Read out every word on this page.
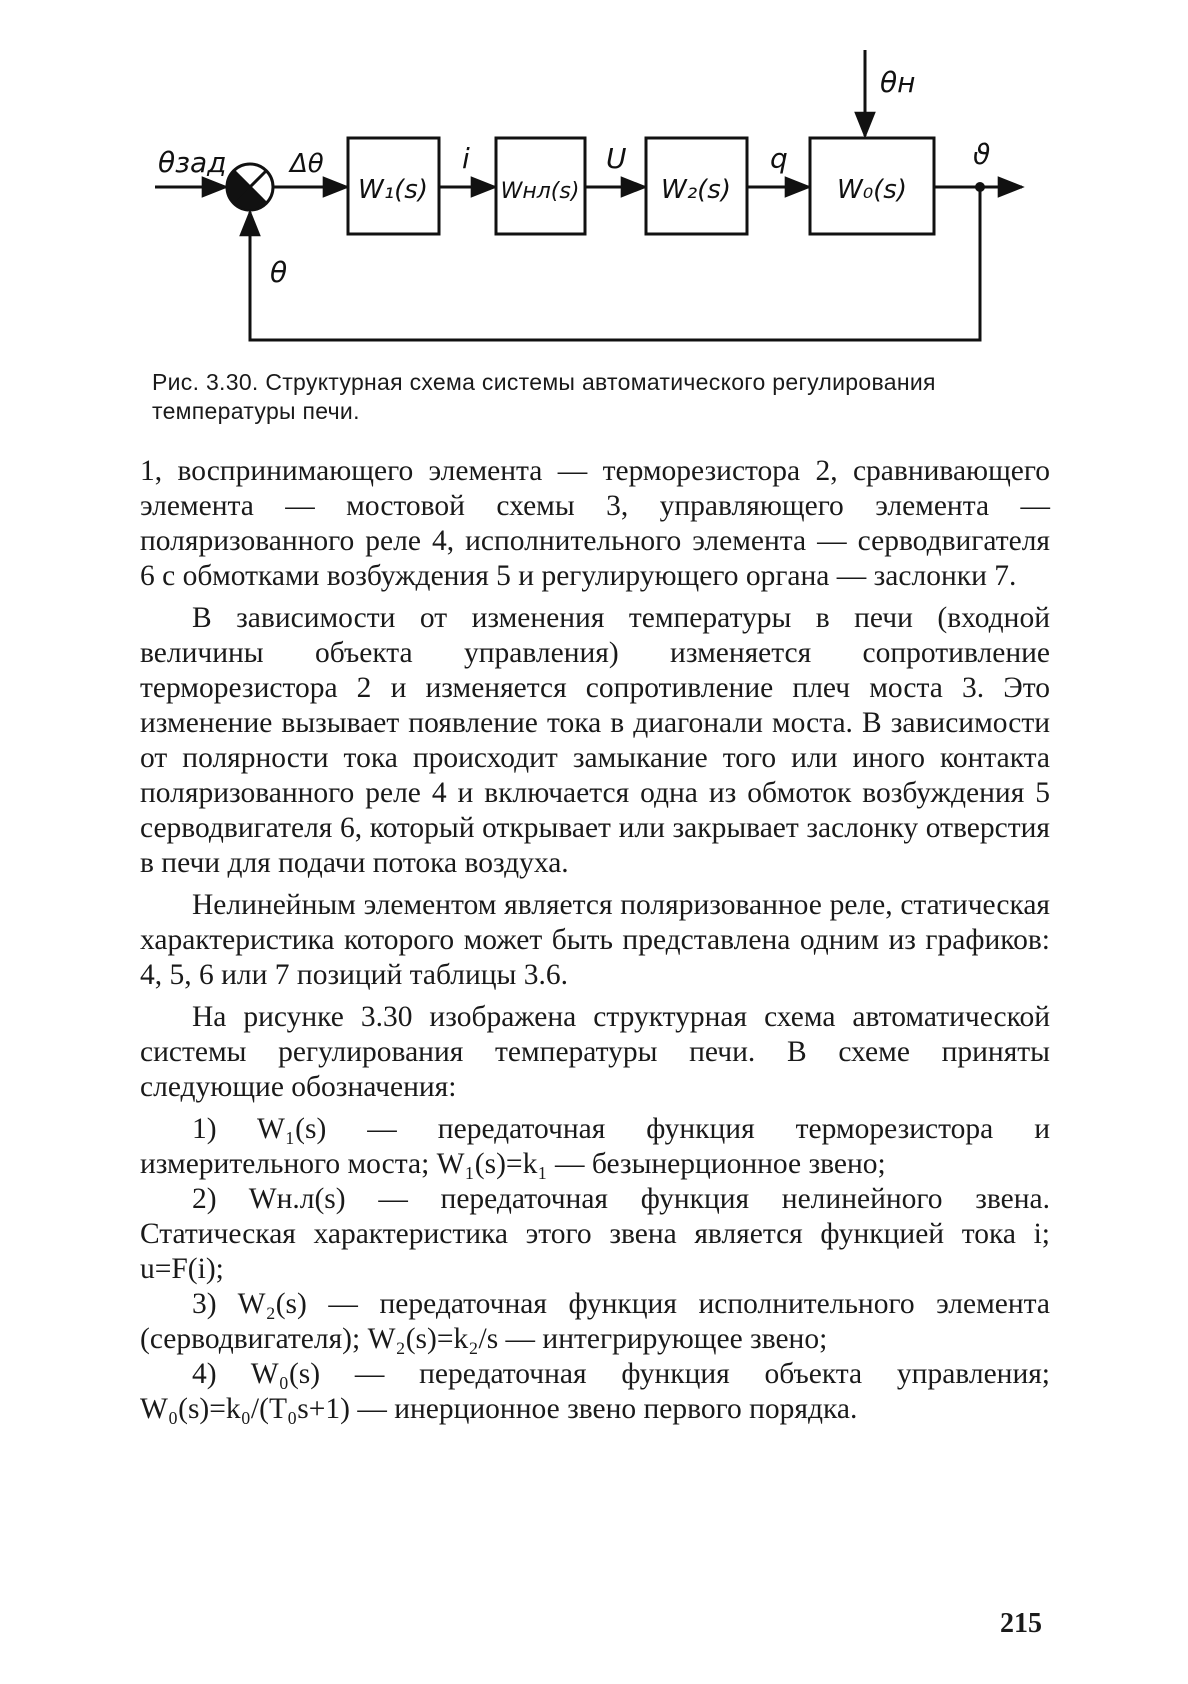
W₁(s)	Wнл(s)	W₂(s)	W₀(s)
θзад Δθ	i	U	q
θн
ϑ
θ
Рис. 3.30. Структурная схема системы автоматического регулирования температуры печи.

1, воспринимающего элемента — терморезистора 2, сравнивающего элемента — мостовой схемы 3, управляющего элемента — поляризованного реле 4, исполнительного элемента — серводвигателя 6 с обмотками возбуждения 5 и регулирующего органа — заслонки 7.

В зависимости от изменения температуры в печи (входной величины объекта управления) изменяется сопротивление терморезистора 2 и изменяется сопротивление плеч моста 3. Это изменение вызывает появление тока в диагонали моста. В зависимости от полярности тока происходит замыкание того или иного контакта поляризованного реле 4 и включается одна из обмоток возбуждения 5 серводвигателя 6, который открывает или закрывает заслонку отверстия в печи для подачи потока воздуха.

Нелинейным элементом является поляризованное реле, статическая характеристика которого может быть представлена одним из графиков: 4, 5, 6 или 7 позиций таблицы 3.6.

На рисунке 3.30 изображена структурная схема автоматической системы регулирования температуры печи. В схеме приняты следующие обозначения:

1) W₁(s) — передаточная функция терморезистора и измерительного моста; W₁(s)=k₁ — безынерционное звено;

2) Wн.л(s) — передаточная функция нелинейного звена. Статическая характеристика этого звена является функцией тока i; u=F(i);

3) W₂(s) — передаточная функция исполнительного элемента (серводвигателя); W₂(s)=k₂/s — интегрирующее звено;

4) W₀(s) — передаточная функция объекта управления; W₀(s)=k₀/(T₀s+1) — инерционное звено первого порядка.

215
